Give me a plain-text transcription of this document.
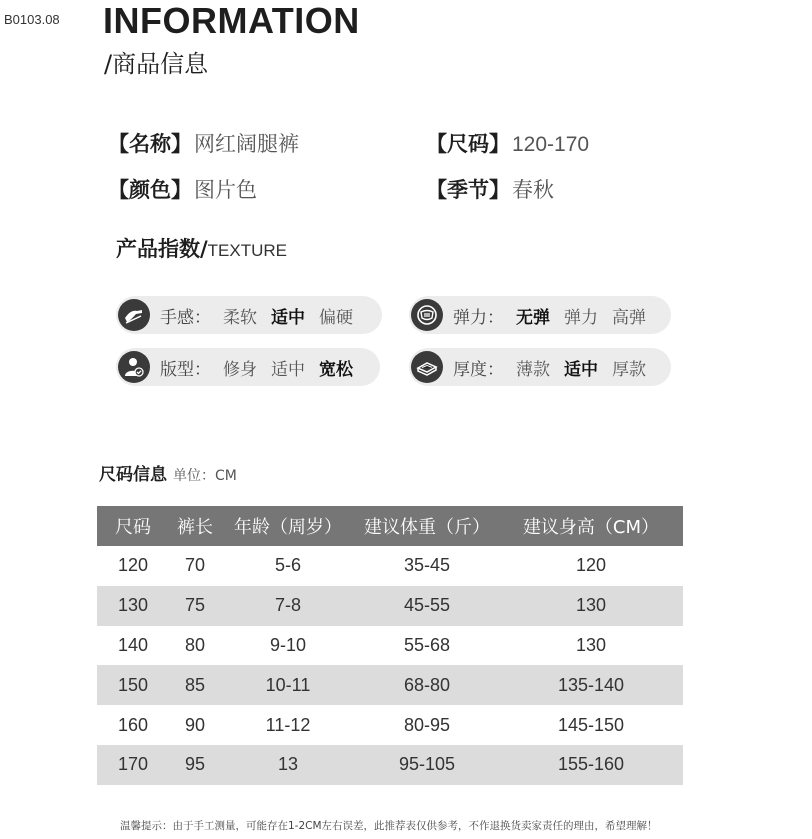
B0103.08 INFORMATION
/商品信息
【名称】网红阔腿裤	【尺码】120-170
【颜色】图片色	【季节】春秋
产品指数/TEXTURE
手感： 柔软 适中 偏硬	弹力： 无弹 弹力 高弹
版型： 修身 适中 宽松	厚度： 薄款 适中 厚款
尺码信息 单位：CM
尺码	裤长	年龄（周岁）	建议体重（斤）	建议身高（CM）
120	70	5-6	35-45	120
130	75	7-8	45-55	130
140	80	9-10	55-68	130
150	85	10-11	68-80	135-140
160	90	11-12	80-95	145-150
170	95	13	95-105	155-160
温馨提示：由于手工测量，可能存在1-2CM左右误差，此推荐表仅供参考，不作退换货卖家责任的理由，希望理解！
